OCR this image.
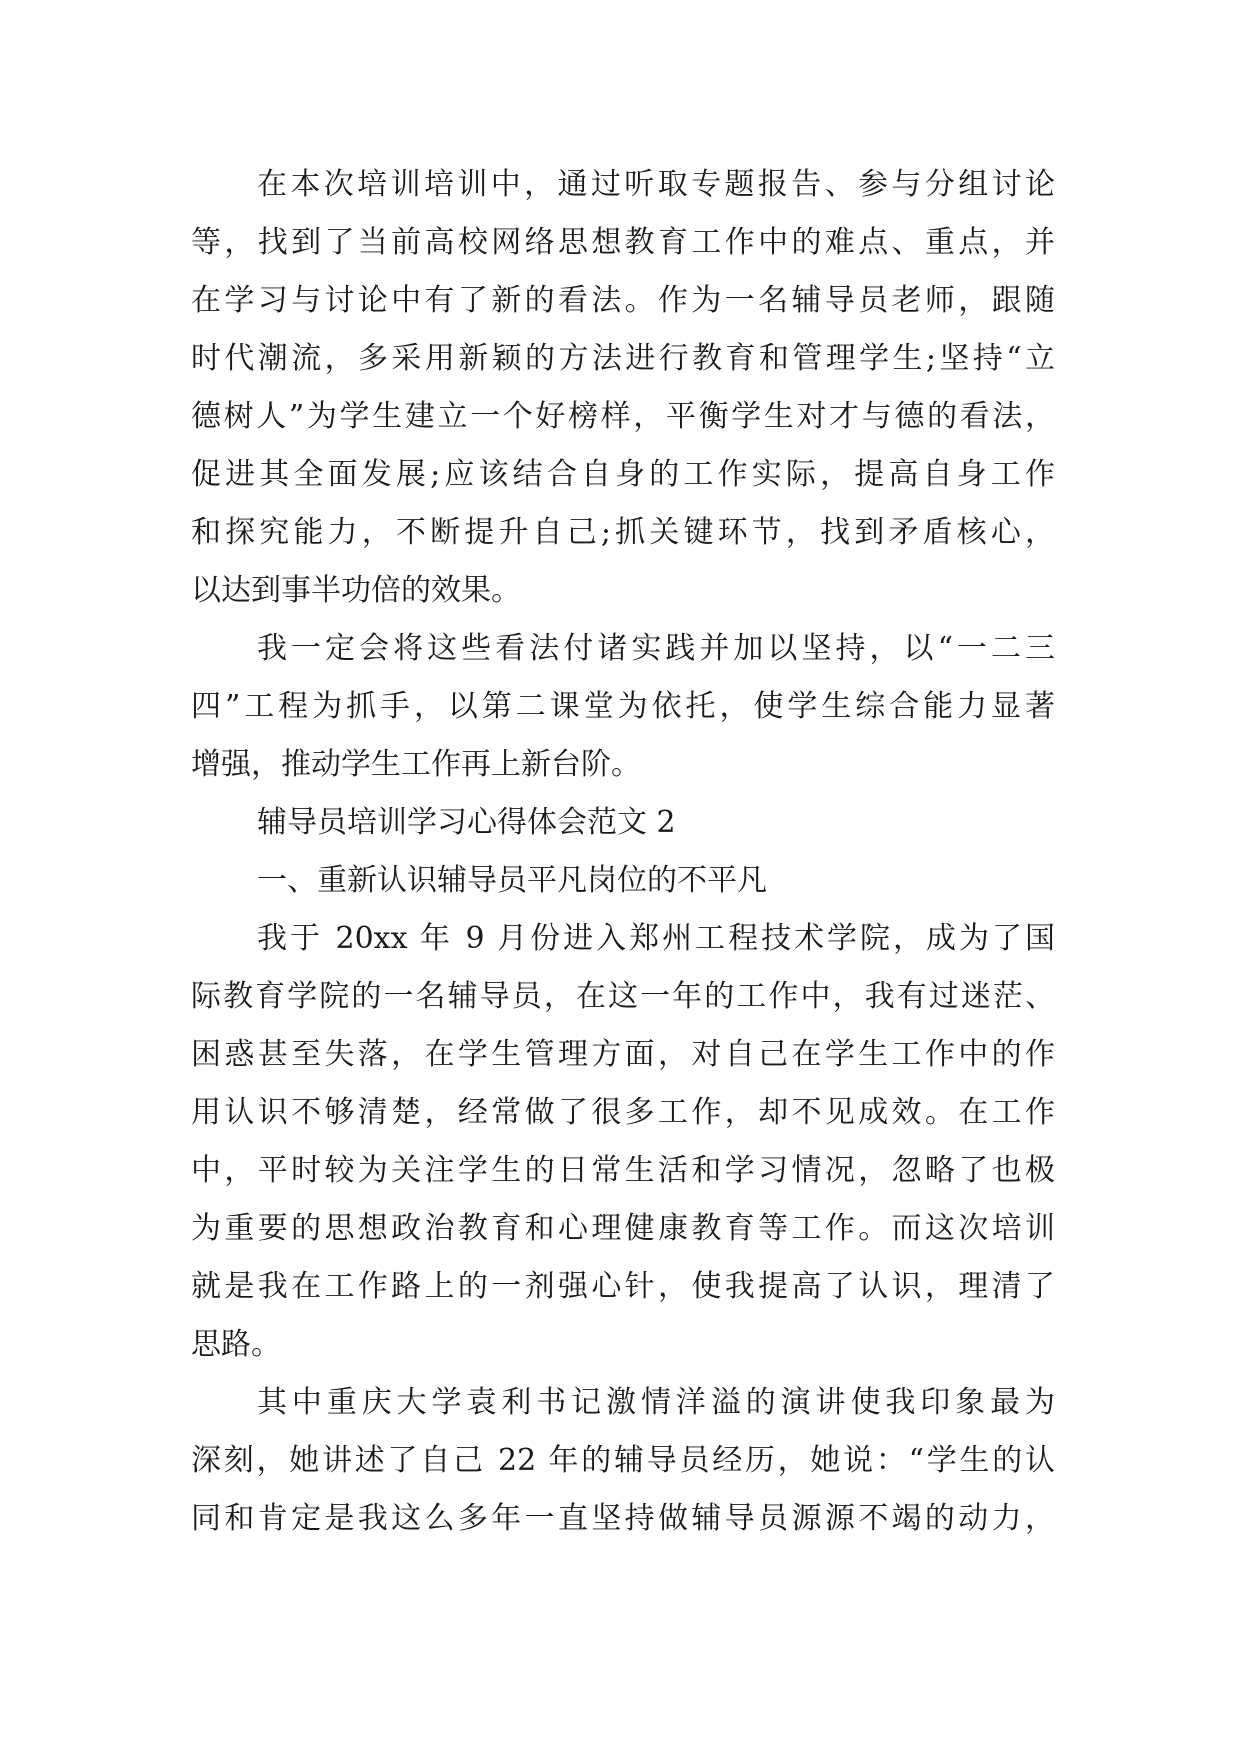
在本次培训培训中，通过听取专题报告、参与分组讨论
等，找到了当前高校网络思想教育工作中的难点、重点，并
在学习与讨论中有了新的看法。作为一名辅导员老师，跟随
时代潮流，多采用新颖的方法进行教育和管理学生;坚持“立
德树人”为学生建立一个好榜样，平衡学生对才与德的看法，
促进其全面发展;应该结合自身的工作实际，提高自身工作
和探究能力，不断提升自己;抓关键环节，找到矛盾核心，
以达到事半功倍的效果。
我一定会将这些看法付诸实践并加以坚持，以“一二三
四”工程为抓手，以第二课堂为依托，使学生综合能力显著
增强，推动学生工作再上新台阶。
辅导员培训学习心得体会范文 2
一、重新认识辅导员平凡岗位的不平凡
我于 20xx 年 9 月份进入郑州工程技术学院，成为了国
际教育学院的一名辅导员，在这一年的工作中，我有过迷茫、
困惑甚至失落，在学生管理方面，对自己在学生工作中的作
用认识不够清楚，经常做了很多工作，却不见成效。在工作
中，平时较为关注学生的日常生活和学习情况，忽略了也极
为重要的思想政治教育和心理健康教育等工作。而这次培训
就是我在工作路上的一剂强心针，使我提高了认识，理清了
思路。
其中重庆大学袁利书记激情洋溢的演讲使我印象最为
深刻，她讲述了自己 22 年的辅导员经历，她说：“学生的认
同和肯定是我这么多年一直坚持做辅导员源源不竭的动力，
